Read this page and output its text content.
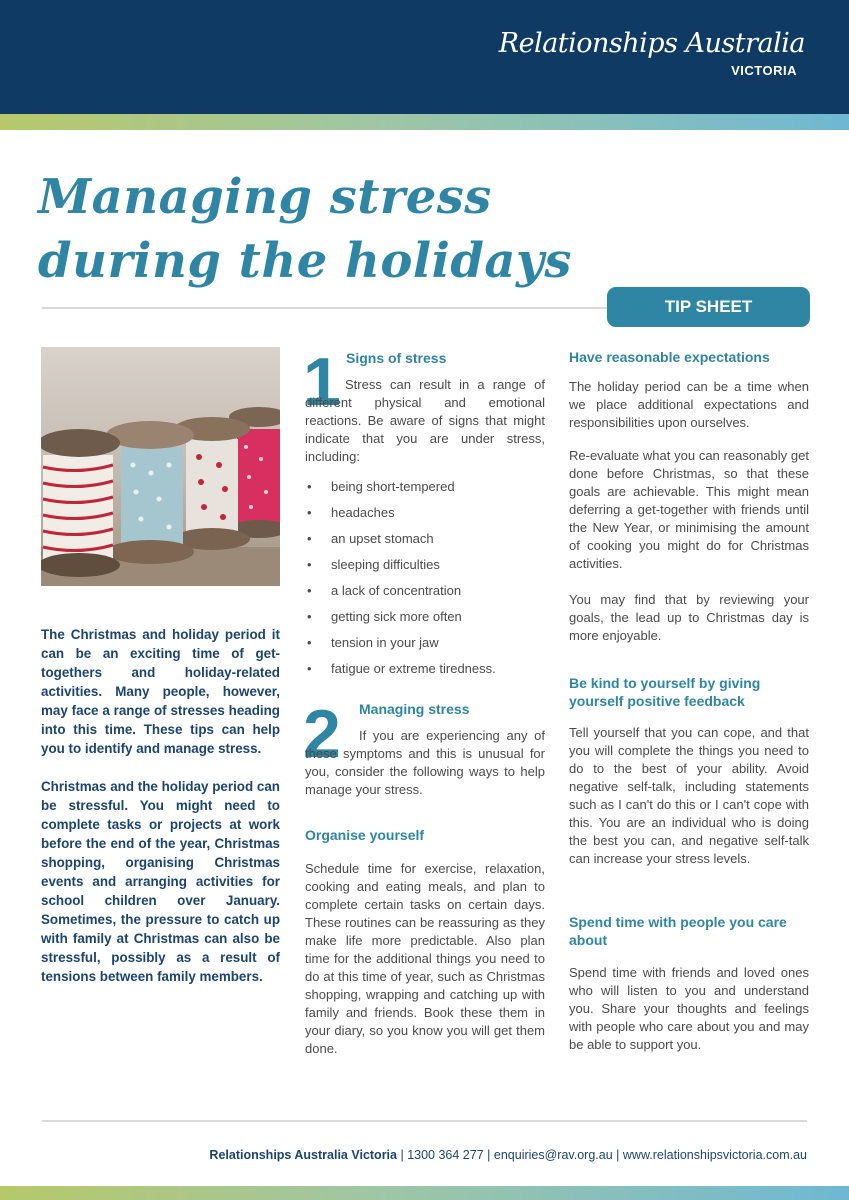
Relationships Australia
VICTORIA
Managing stress
during the holidays
TIP SHEET

The Christmas and holiday period it can be an exciting time of get-togethers and holiday-related activities. Many people, however, may face a range of stresses heading into this time. These tips can help you to identify and manage stress.

Christmas and the holiday period can be stressful. You might need to complete tasks or projects at work before the end of the year, Christmas shopping, organising Christmas events and arranging activities for school children over January. Sometimes, the pressure to catch up with family at Christmas can also be stressful, possibly as a result of tensions between family members.

1 Signs of stress
Stress can result in a range of different physical and emotional reactions. Be aware of signs that might indicate that you are under stress, including:
• being short-tempered
• headaches
• an upset stomach
• sleeping difficulties
• a lack of concentration
• getting sick more often
• tension in your jaw
• fatigue or extreme tiredness.
2 Managing stress
If you are experiencing any of these symptoms and this is unusual for you, consider the following ways to help manage your stress.
Organise yourself
Schedule time for exercise, relaxation, cooking and eating meals, and plan to complete certain tasks on certain days. These routines can be reassuring as they make life more predictable. Also plan time for the additional things you need to do at this time of year, such as Christmas shopping, wrapping and catching up with family and friends. Book these them in your diary, so you know you will get them done.
Have reasonable expectations
The holiday period can be a time when we place additional expectations and responsibilities upon ourselves.
Re-evaluate what you can reasonably get done before Christmas, so that these goals are achievable. This might mean deferring a get-together with friends until the New Year, or minimising the amount of cooking you might do for Christmas activities.
You may find that by reviewing your goals, the lead up to Christmas day is more enjoyable.
Be kind to yourself by giving yourself positive feedback
Tell yourself that you can cope, and that you will complete the things you need to do to the best of your ability. Avoid negative self-talk, including statements such as I can't do this or I can't cope with this. You are an individual who is doing the best you can, and negative self-talk can increase your stress levels.
Spend time with people you care about
Spend time with friends and loved ones who will listen to you and understand you. Share your thoughts and feelings with people who care about you and may be able to support you.
Relationships Australia Victoria | 1300 364 277 | enquiries@rav.org.au | www.relationshipsvictoria.com.au
